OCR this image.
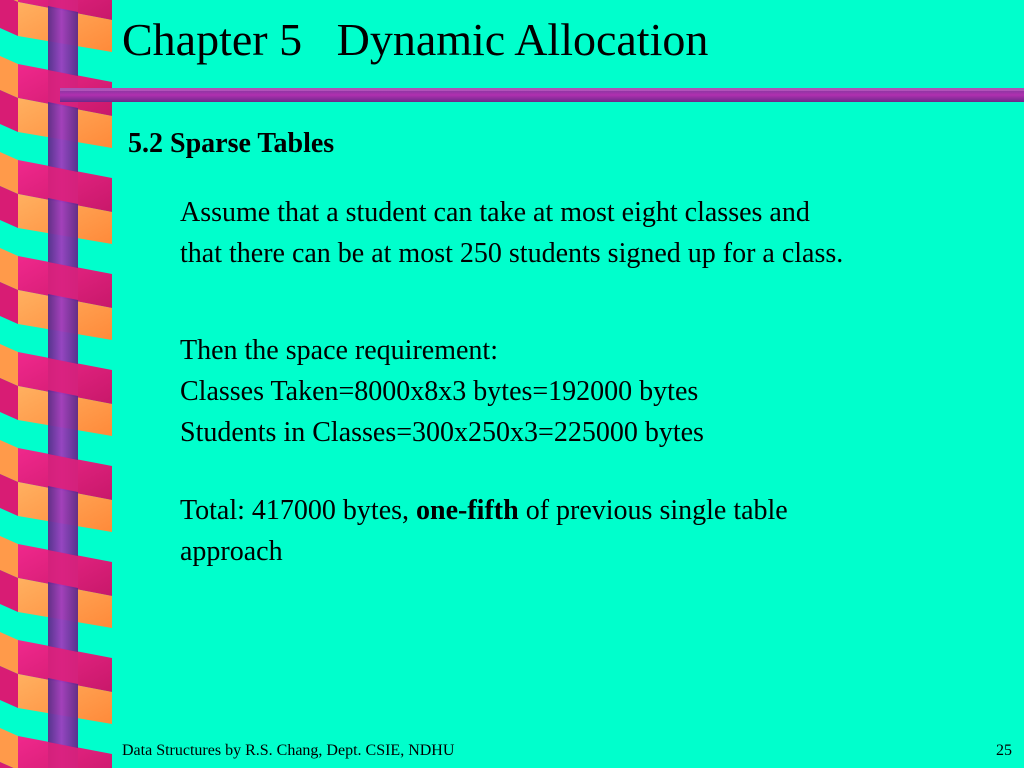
Chapter 5   Dynamic Allocation
5.2 Sparse Tables

Assume that a student can take at most eight classes and
that there can be at most 250 students signed up for a class.

Then the space requirement:
Classes Taken=8000x8x3 bytes=192000 bytes
Students in Classes=300x250x3=225000 bytes

Total: 417000 bytes, one-fifth of previous single table
approach

Data Structures by R.S. Chang, Dept. CSIE, NDHU	25
